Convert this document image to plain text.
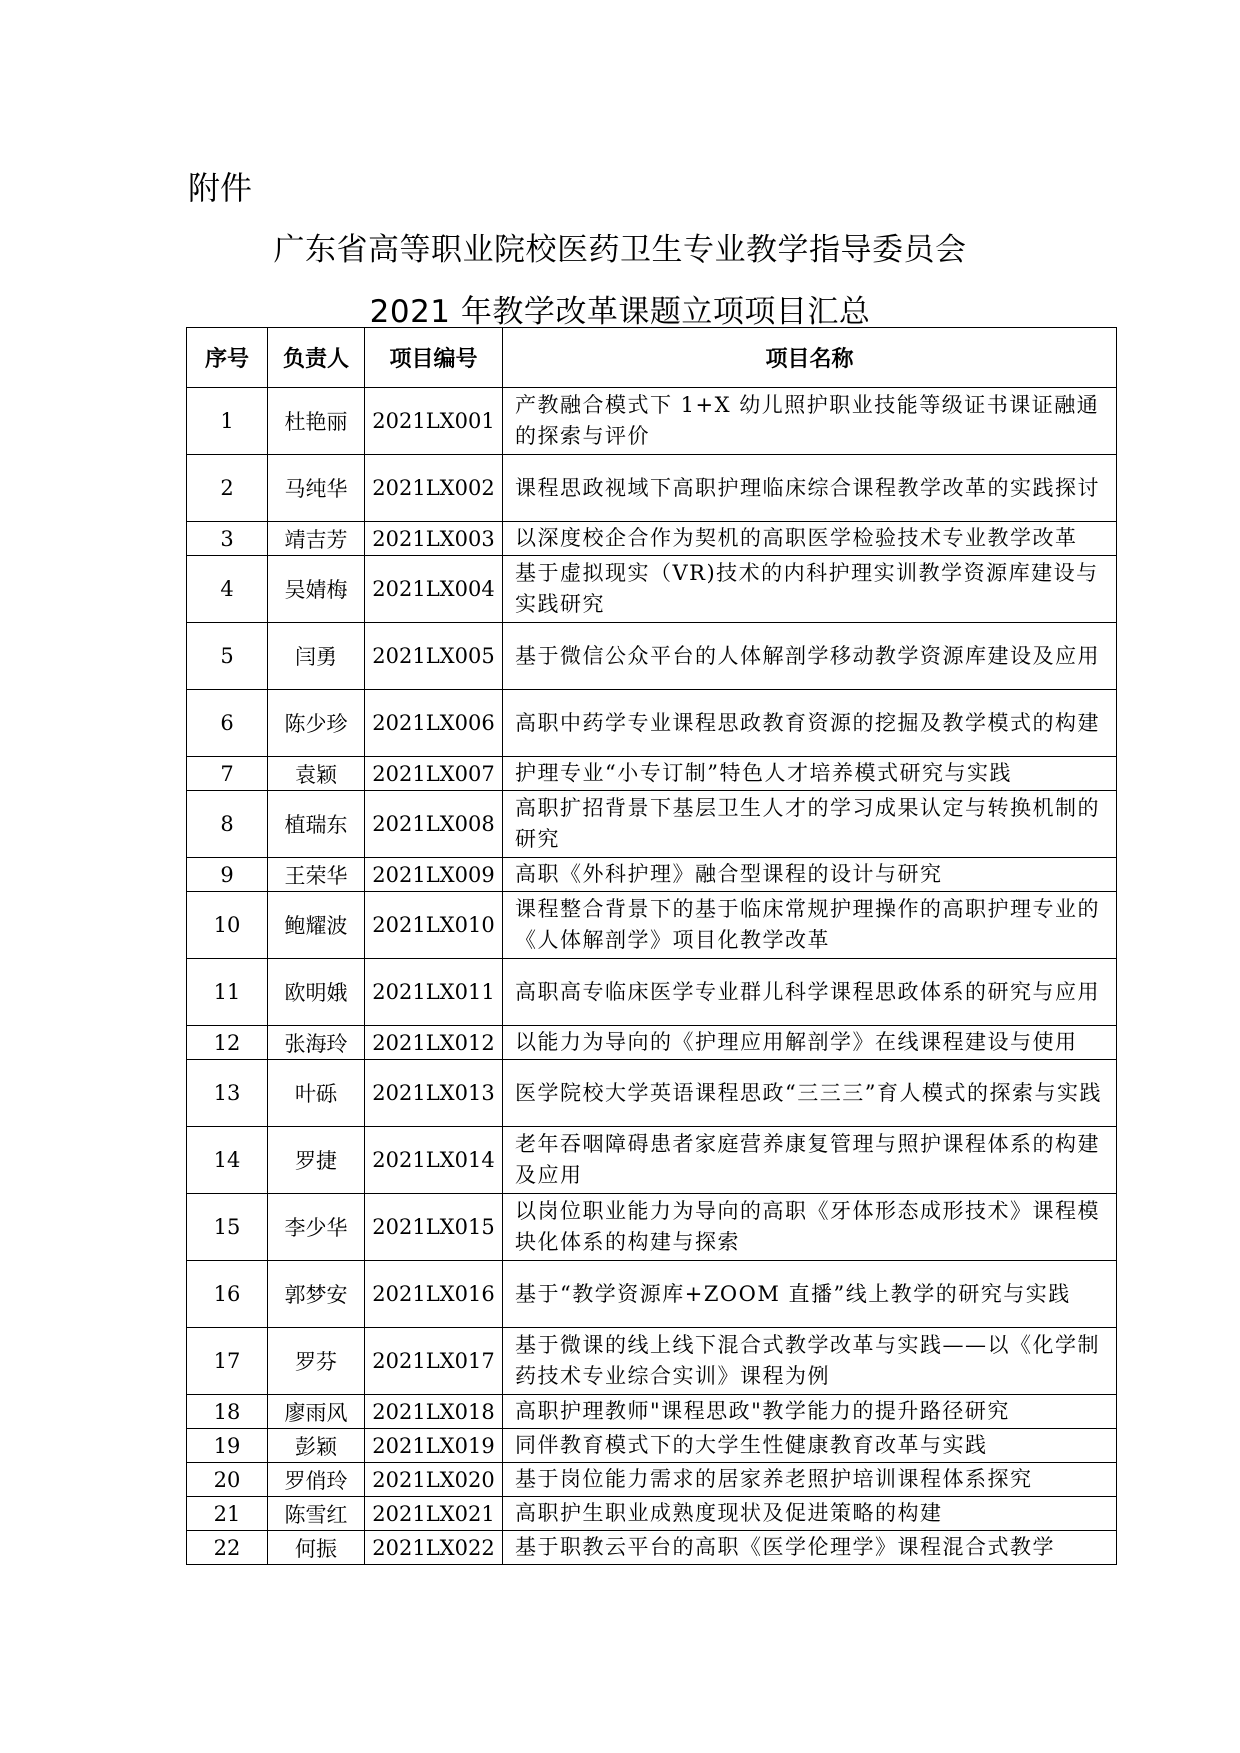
附件
广东省高等职业院校医药卫生专业教学指导委员会
2021 年教学改革课题立项项目汇总
序号	负责人	项目编号	项目名称
1	杜艳丽	2021LX001	产教融合模式下 1+X 幼儿照护职业技能等级证书课证融通的探索与评价
2	马纯华	2021LX002	课程思政视域下高职护理临床综合课程教学改革的实践探讨
3	靖吉芳	2021LX003	以深度校企合作为契机的高职医学检验技术专业教学改革
4	吴婧梅	2021LX004	基于虚拟现实（VR)技术的内科护理实训教学资源库建设与实践研究
5	闫勇	2021LX005	基于微信公众平台的人体解剖学移动教学资源库建设及应用
6	陈少珍	2021LX006	高职中药学专业课程思政教育资源的挖掘及教学模式的构建
7	袁颖	2021LX007	护理专业“小专订制”特色人才培养模式研究与实践
8	植瑞东	2021LX008	高职扩招背景下基层卫生人才的学习成果认定与转换机制的研究
9	王荣华	2021LX009	高职《外科护理》融合型课程的设计与研究
10	鲍耀波	2021LX010	课程整合背景下的基于临床常规护理操作的高职护理专业的《人体解剖学》项目化教学改革
11	欧明娥	2021LX011	高职高专临床医学专业群儿科学课程思政体系的研究与应用
12	张海玲	2021LX012	以能力为导向的《护理应用解剖学》在线课程建设与使用
13	叶砾	2021LX013	医学院校大学英语课程思政“三三三”育人模式的探索与实践
14	罗捷	2021LX014	老年吞咽障碍患者家庭营养康复管理与照护课程体系的构建及应用
15	李少华	2021LX015	以岗位职业能力为导向的高职《牙体形态成形技术》课程模块化体系的构建与探索
16	郭梦安	2021LX016	基于“教学资源库+ZOOM 直播”线上教学的研究与实践
17	罗芬	2021LX017	基于微课的线上线下混合式教学改革与实践——以《化学制药技术专业综合实训》课程为例
18	廖雨风	2021LX018	高职护理教师"课程思政"教学能力的提升路径研究
19	彭颖	2021LX019	同伴教育模式下的大学生性健康教育改革与实践
20	罗俏玲	2021LX020	基于岗位能力需求的居家养老照护培训课程体系探究
21	陈雪红	2021LX021	高职护生职业成熟度现状及促进策略的构建
22	何振	2021LX022	基于职教云平台的高职《医学伦理学》课程混合式教学
